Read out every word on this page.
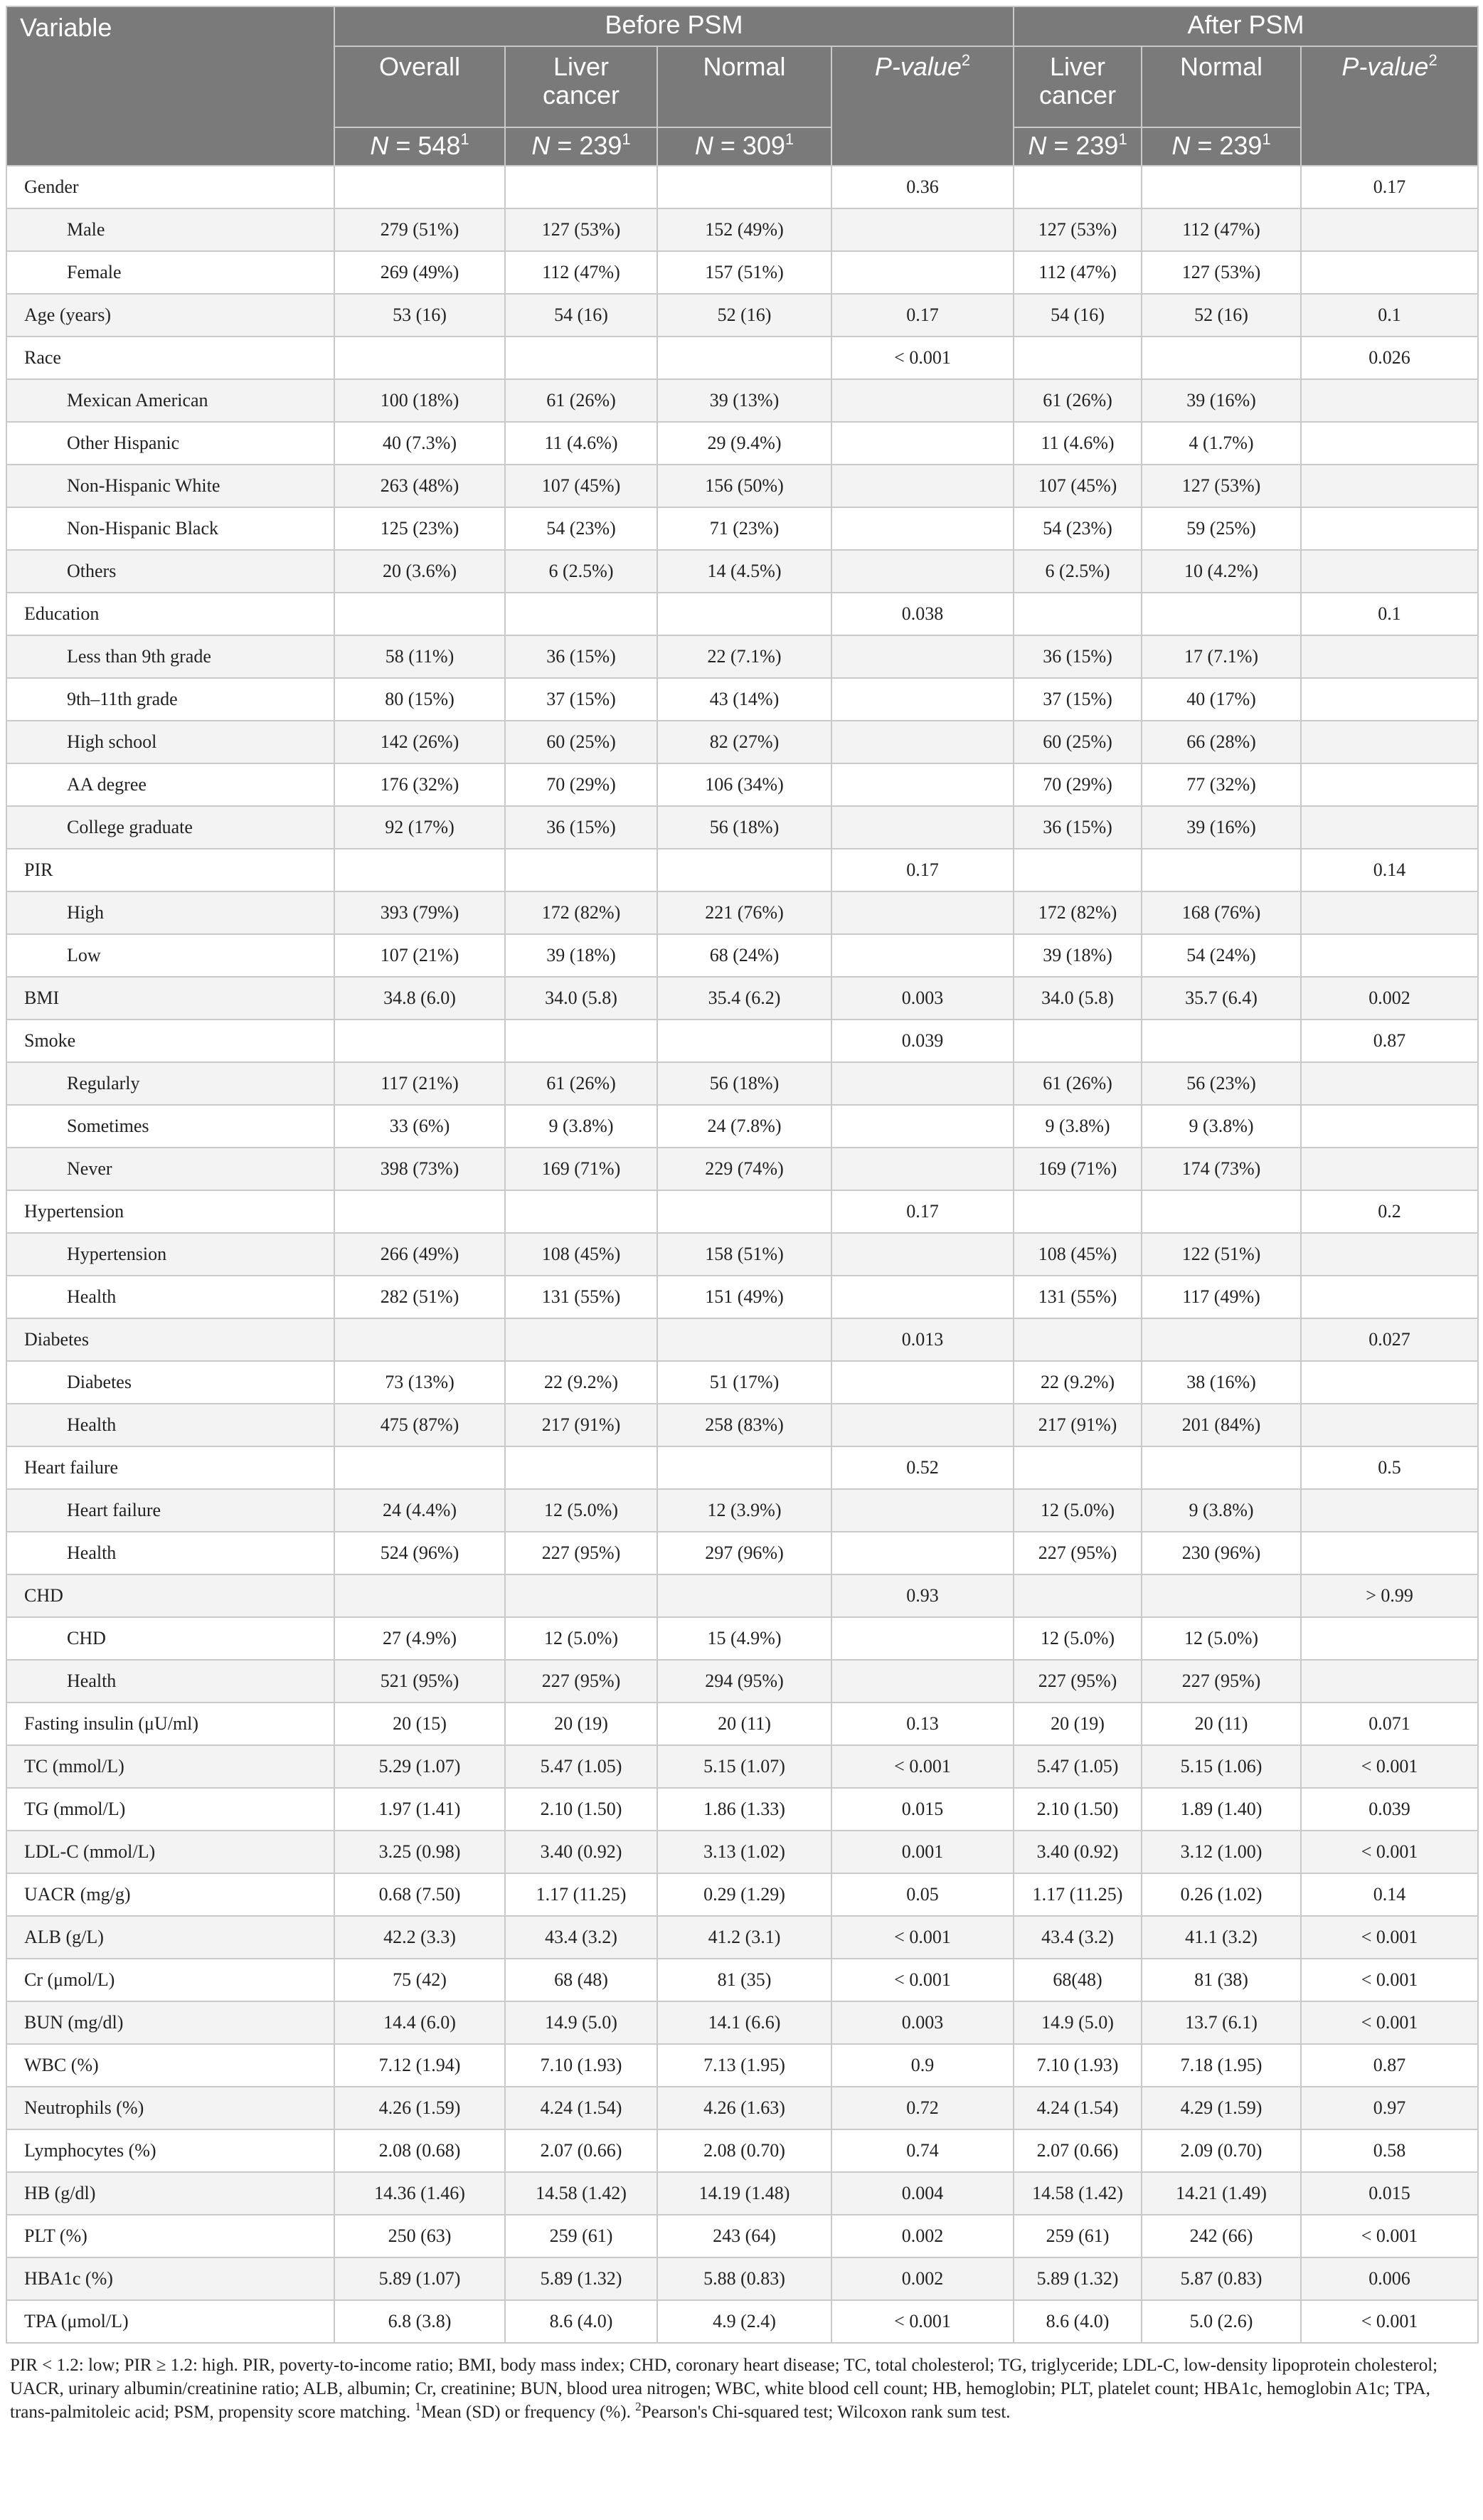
Variable	Before PSM				After PSM		
	Overall	Liver cancer	Normal	P-value$^2$	Liver cancer	Normal	P-value$^2$
	$N = 548^1$	$N = 239^1$	$N = 309^1$		$N = 239^1$	$N = 239^1$
Gender				0.36			0.17
Male	279 (51%)	127 (53%)	152 (49%)		127 (53%)	112 (47%)	
Female	269 (49%)	112 (47%)	157 (51%)		112 (47%)	127 (53%)	
Age (years)	53 (16)	54 (16)	52 (16)	0.17	54 (16)	52 (16)	0.1
Race				< 0.001			0.026
Mexican American	100 (18%)	61 (26%)	39 (13%)		61 (26%)	39 (16%)	
Other Hispanic	40 (7.3%)	11 (4.6%)	29 (9.4%)		11 (4.6%)	4 (1.7%)	
Non-Hispanic White	263 (48%)	107 (45%)	156 (50%)		107 (45%)	127 (53%)	
Non-Hispanic Black	125 (23%)	54 (23%)	71 (23%)		54 (23%)	59 (25%)	
Others	20 (3.6%)	6 (2.5%)	14 (4.5%)		6 (2.5%)	10 (4.2%)	
Education				0.038			0.1
Less than 9th grade	58 (11%)	36 (15%)	22 (7.1%)		36 (15%)	17 (7.1%)	
9th–11th grade	80 (15%)	37 (15%)	43 (14%)		37 (15%)	40 (17%)	
High school	142 (26%)	60 (25%)	82 (27%)		60 (25%)	66 (28%)	
AA degree	176 (32%)	70 (29%)	106 (34%)		70 (29%)	77 (32%)	
College graduate	92 (17%)	36 (15%)	56 (18%)		36 (15%)	39 (16%)	
PIR				0.17			0.14
High	393 (79%)	172 (82%)	221 (76%)		172 (82%)	168 (76%)	
Low	107 (21%)	39 (18%)	68 (24%)		39 (18%)	54 (24%)	
BMI	34.8 (6.0)	34.0 (5.8)	35.4 (6.2)	0.003	34.0 (5.8)	35.7 (6.4)	0.002
Smoke				0.039			0.87
Regularly	117 (21%)	61 (26%)	56 (18%)		61 (26%)	56 (23%)	
Sometimes	33 (6%)	9 (3.8%)	24 (7.8%)		9 (3.8%)	9 (3.8%)	
Never	398 (73%)	169 (71%)	229 (74%)		169 (71%)	174 (73%)	
Hypertension				0.17			0.2
Hypertension	266 (49%)	108 (45%)	158 (51%)		108 (45%)	122 (51%)	
Health	282 (51%)	131 (55%)	151 (49%)		131 (55%)	117 (49%)	
Diabetes				0.013			0.027
Diabetes	73 (13%)	22 (9.2%)	51 (17%)		22 (9.2%)	38 (16%)	
Health	475 (87%)	217 (91%)	258 (83%)		217 (91%)	201 (84%)	
Heart failure				0.52			0.5
Heart failure	24 (4.4%)	12 (5.0%)	12 (3.9%)		12 (5.0%)	9 (3.8%)	
Health	524 (96%)	227 (95%)	297 (96%)		227 (95%)	230 (96%)	
CHD				0.93			> 0.99
CHD	27 (4.9%)	12 (5.0%)	15 (4.9%)		12 (5.0%)	12 (5.0%)	
Health	521 (95%)	227 (95%)	294 (95%)		227 (95%)	227 (95%)	
Fasting insulin (μU/ml)	20 (15)	20 (19)	20 (11)	0.13	20 (19)	20 (11)	0.071
TC (mmol/L)	5.29 (1.07)	5.47 (1.05)	5.15 (1.07)	< 0.001	5.47 (1.05)	5.15 (1.06)	< 0.001
TG (mmol/L)	1.97 (1.41)	2.10 (1.50)	1.86 (1.33)	0.015	2.10 (1.50)	1.89 (1.40)	0.039
LDL-C (mmol/L)	3.25 (0.98)	3.40 (0.92)	3.13 (1.02)	0.001	3.40 (0.92)	3.12 (1.00)	< 0.001
UACR (mg/g)	0.68 (7.50)	1.17 (11.25)	0.29 (1.29)	0.05	1.17 (11.25)	0.26 (1.02)	0.14
ALB (g/L)	42.2 (3.3)	43.4 (3.2)	41.2 (3.1)	< 0.001	43.4 (3.2)	41.1 (3.2)	< 0.001
Cr (μmol/L)	75 (42)	68 (48)	81 (35)	< 0.001	68(48)	81 (38)	< 0.001
BUN (mg/dl)	14.4 (6.0)	14.9 (5.0)	14.1 (6.6)	0.003	14.9 (5.0)	13.7 (6.1)	< 0.001
WBC (%)	7.12 (1.94)	7.10 (1.93)	7.13 (1.95)	0.9	7.10 (1.93)	7.18 (1.95)	0.87
Neutrophils (%)	4.26 (1.59)	4.24 (1.54)	4.26 (1.63)	0.72	4.24 (1.54)	4.29 (1.59)	0.97
Lymphocytes (%)	2.08 (0.68)	2.07 (0.66)	2.08 (0.70)	0.74	2.07 (0.66)	2.09 (0.70)	0.58
HB (g/dl)	14.36 (1.46)	14.58 (1.42)	14.19 (1.48)	0.004	14.58 (1.42)	14.21 (1.49)	0.015
PLT (%)	250 (63)	259 (61)	243 (64)	0.002	259 (61)	242 (66)	< 0.001
HBA1c (%)	5.89 (1.07)	5.89 (1.32)	5.88 (0.83)	0.002	5.89 (1.32)	5.87 (0.83)	0.006
TPA (μmol/L)	6.8 (3.8)	8.6 (4.0)	4.9 (2.4)	< 0.001	8.6 (4.0)	5.0 (2.6)	< 0.001
PIR < 1.2: low; PIR ≥ 1.2: high. PIR, poverty-to-income ratio; BMI, body mass index; CHD, coronary heart disease; TC, total cholesterol; TG, triglyceride; LDL-C, low-density lipoprotein cholesterol; UACR, urinary albumin/creatinine ratio; ALB, albumin; Cr, creatinine; BUN, blood urea nitrogen; WBC, white blood cell count; HB, hemoglobin; PLT, platelet count; HBA1c, hemoglobin A1c; TPA, trans-palmitoleic acid; PSM, propensity score matching. $^1$Mean (SD) or frequency (%). $^2$Pearson's Chi-squared test; Wilcoxon rank sum test.
